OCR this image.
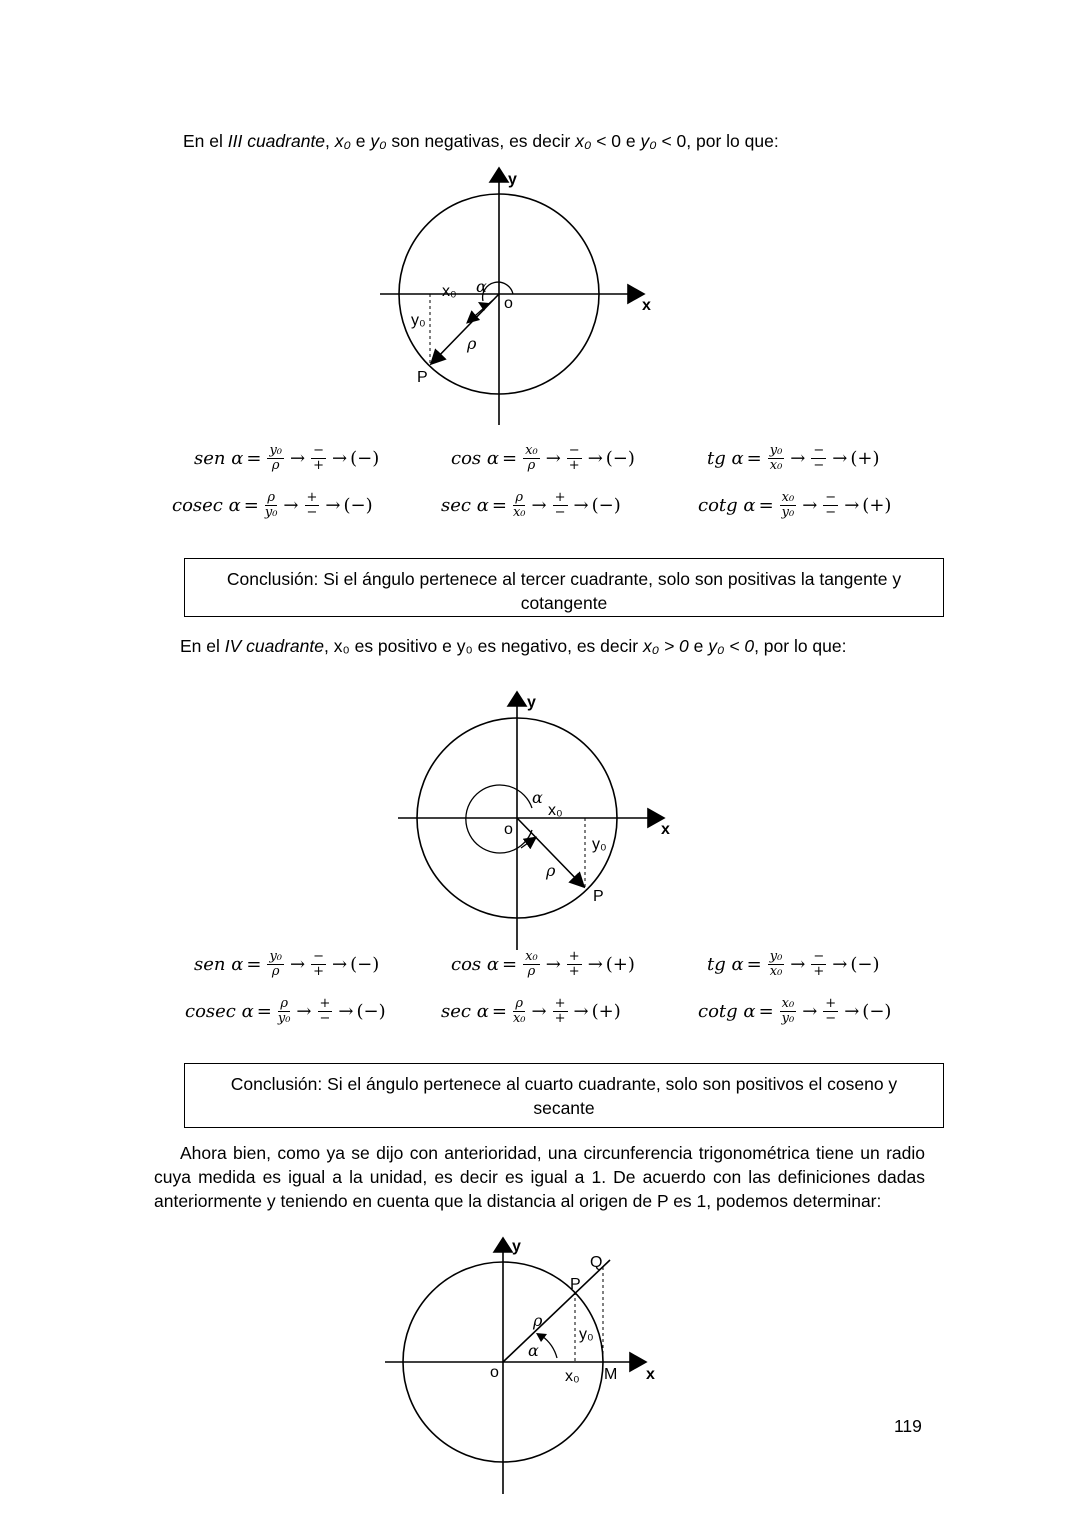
En el III cuadrante, x₀ e y₀ son negativas, es decir x₀ < 0 e y₀ < 0, por lo que:
y
x
x₀ α
o
y₀
ρ
P
y
x
α
x₀
o
y₀
ρ
P
y
x
Q
P
ρ
y₀
α
o	x₀ M
sen $\alpha = \frac{\text{y₀}}{\rho} \to \frac{-}{+}$ → (−)	$\cos \alpha = \frac{\text{x₀}}{\rho} \to \frac{-}{+}$ → (−)	tg $\alpha = \frac{\text{y₀}}{\text{x₀}} \to \frac{-}{-}$ → (+)
cosec $\alpha = \frac{\rho}{\text{y₀}} \to \frac{+}{-}$ → (−)	$\sec \alpha = \frac{\rho}{\text{x₀}} \to \frac{+}{-}$ → (−)	cotg $\alpha = \frac{\text{x₀}}{\text{y₀}} \to \frac{-}{-}$ → (+)
Conclusión: Si el ángulo pertenece al tercer cuadrante, solo son positivas la tangente y cotangente
En el IV cuadrante, x₀ es positivo e y₀ es negativo, es decir x₀ > 0 e y₀ < 0, por lo que:
sen $\alpha = \frac{\text{y₀}}{\rho} \to \frac{-}{+}$ → (−)	$\cos \alpha = \frac{\text{x₀}}{\rho} \to \frac{+}{+}$ → (+)	tg $\alpha = \frac{\text{y₀}}{\text{x₀}} \to \frac{-}{+}$ → (−)
cosec $\alpha = \frac{\rho}{\text{y₀}} \to \frac{+}{-}$ → (−)	$\sec \alpha = \frac{\rho}{\text{x₀}} \to \frac{+}{+}$ → (+)	cotg $\alpha = \frac{\text{x₀}}{\text{y₀}} \to \frac{+}{-}$ → (−)
Conclusión: Si el ángulo pertenece al cuarto cuadrante, solo son positivos el coseno y secante
Ahora bien, como ya se dijo con anterioridad, una circunferencia trigonométrica tiene un radio cuya medida es igual a la unidad, es decir es igual a 1. De acuerdo con las definiciones dadas anteriormente y teniendo en cuenta que la distancia al origen de P es 1, podemos determinar:
119
